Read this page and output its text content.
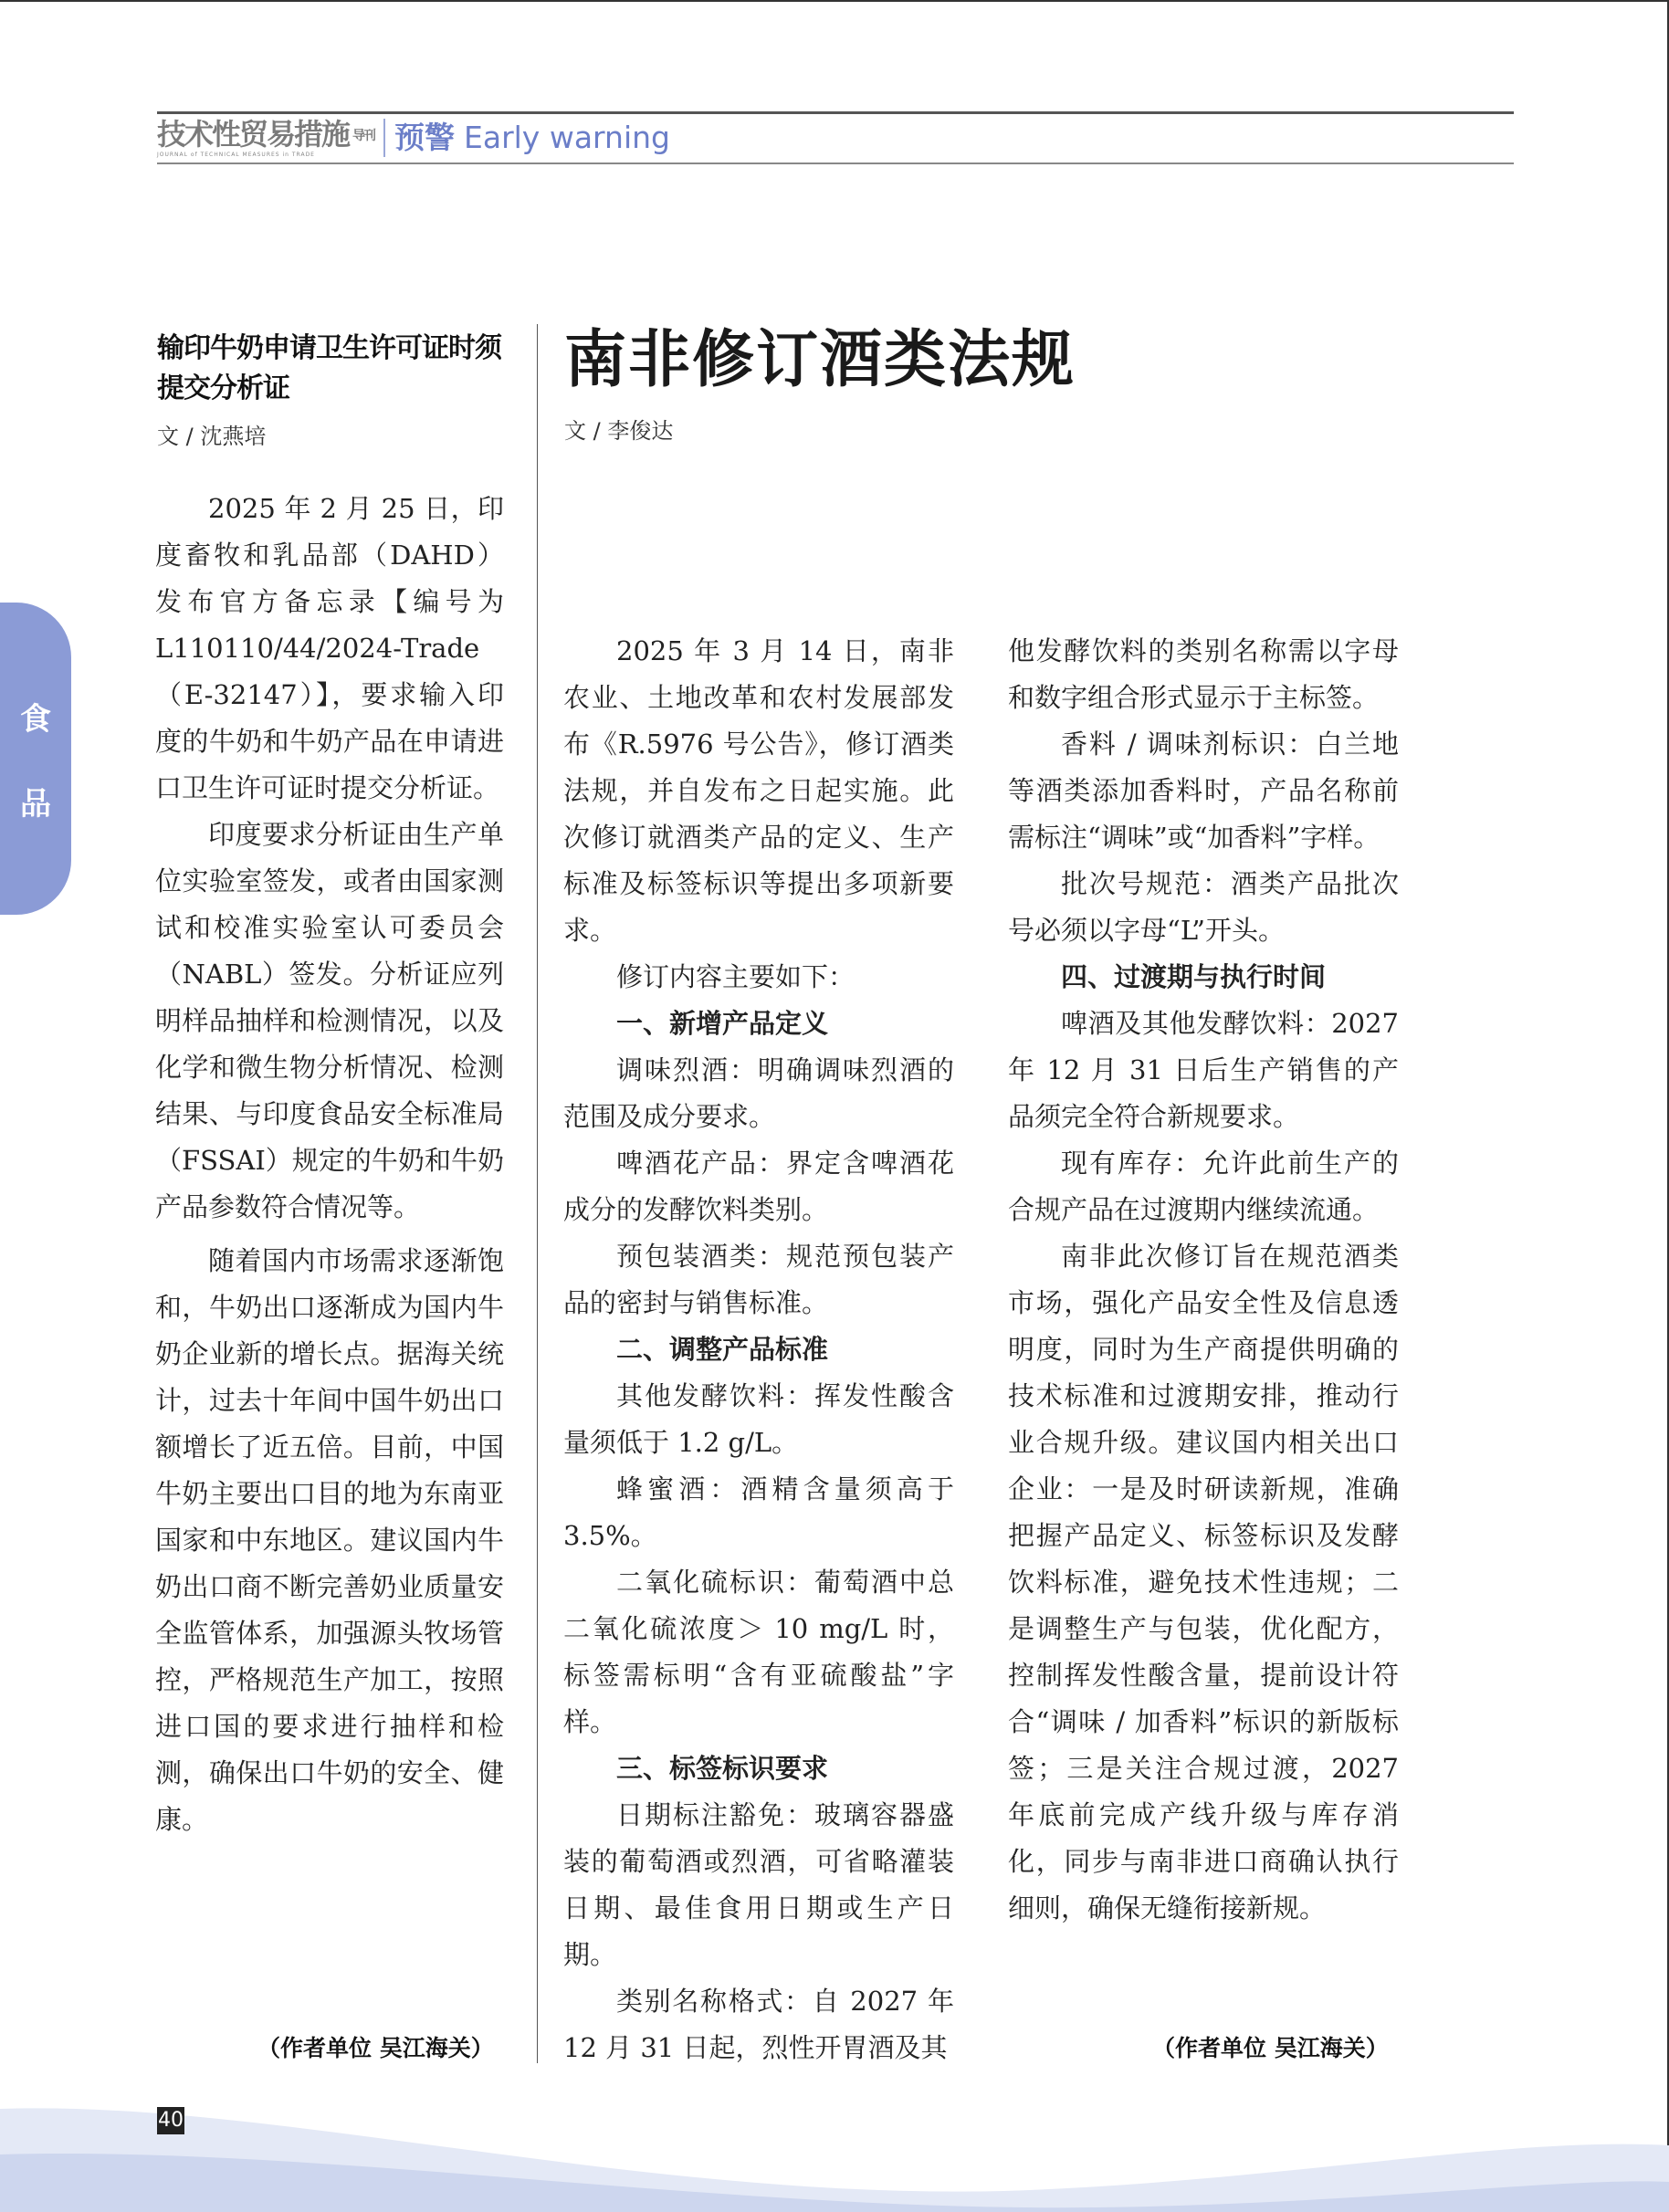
技术性贸易措施 导刊
JOURNAL of TECHNICAL MEASURES in TRADE	预警 Early warning
食
品
输印牛奶申请卫生许可证时须提交分析证
文 / 沈燕培

2025 年 2 月 25 日，印度畜牧和乳品部（DAHD）发布官方备忘录【编号为 L110110/44/2024-Trade（E-32147）】，要求输入印度的牛奶和牛奶产品在申请进口卫生许可证时提交分析证。

印度要求分析证由生产单位实验室签发，或者由国家测试和校准实验室认可委员会（NABL）签发。分析证应列明样品抽样和检测情况，以及化学和微生物分析情况、检测结果、与印度食品安全标准局（FSSAI）规定的牛奶和牛奶产品参数符合情况等。

随着国内市场需求逐渐饱和，牛奶出口逐渐成为国内牛奶企业新的增长点。据海关统计，过去十年间中国牛奶出口额增长了近五倍。目前，中国牛奶主要出口目的地为东南亚国家和中东地区。建议国内牛奶出口商不断完善奶业质量安全监管体系，加强源头牧场管控，严格规范生产加工，按照进口国的要求进行抽样和检测，确保出口牛奶的安全、健康。

（作者单位 吴江海关）
南非修订酒类法规
文 / 李俊达

2025 年 3 月 14 日，南非农业、土地改革和农村发展部发布《R.5976 号公告》，修订酒类法规，并自发布之日起实施。此次修订就酒类产品的定义、生产标准及标签标识等提出多项新要求。

修订内容主要如下：

一、新增产品定义

调味烈酒：明确调味烈酒的范围及成分要求。

啤酒花产品：界定含啤酒花成分的发酵饮料类别。

预包装酒类：规范预包装产品的密封与销售标准。

二、调整产品标准

其他发酵饮料：挥发性酸含量须低于 1.2 g/L。

蜂蜜酒：酒精含量须高于 3.5%。

二氧化硫标识：葡萄酒中总二氧化硫浓度＞ 10 mg/L 时，标签需标明“含有亚硫酸盐”字样。

三、标签标识要求

日期标注豁免：玻璃容器盛装的葡萄酒或烈酒，可省略灌装日期、最佳食用日期或生产日期。

类别名称格式：自 2027 年 12 月 31 日起，烈性开胃酒及其

他发酵饮料的类别名称需以字母和数字组合形式显示于主标签。

香料 / 调味剂标识：白兰地等酒类添加香料时，产品名称前需标注“调味”或“加香料”字样。

批次号规范：酒类产品批次号必须以字母“L”开头。

四、过渡期与执行时间

啤酒及其他发酵饮料：2027 年 12 月 31 日后生产销售的产品须完全符合新规要求。

现有库存：允许此前生产的合规产品在过渡期内继续流通。

南非此次修订旨在规范酒类市场，强化产品安全性及信息透明度，同时为生产商提供明确的技术标准和过渡期安排，推动行业合规升级。建议国内相关出口企业：一是及时研读新规，准确把握产品定义、标签标识及发酵饮料标准，避免技术性违规；二是调整生产与包装，优化配方，控制挥发性酸含量，提前设计符合“调味 / 加香料”标识的新版标签；三是关注合规过渡，2027 年底前完成产线升级与库存消化，同步与南非进口商确认执行细则，确保无缝衔接新规。

（作者单位 吴江海关）
40
